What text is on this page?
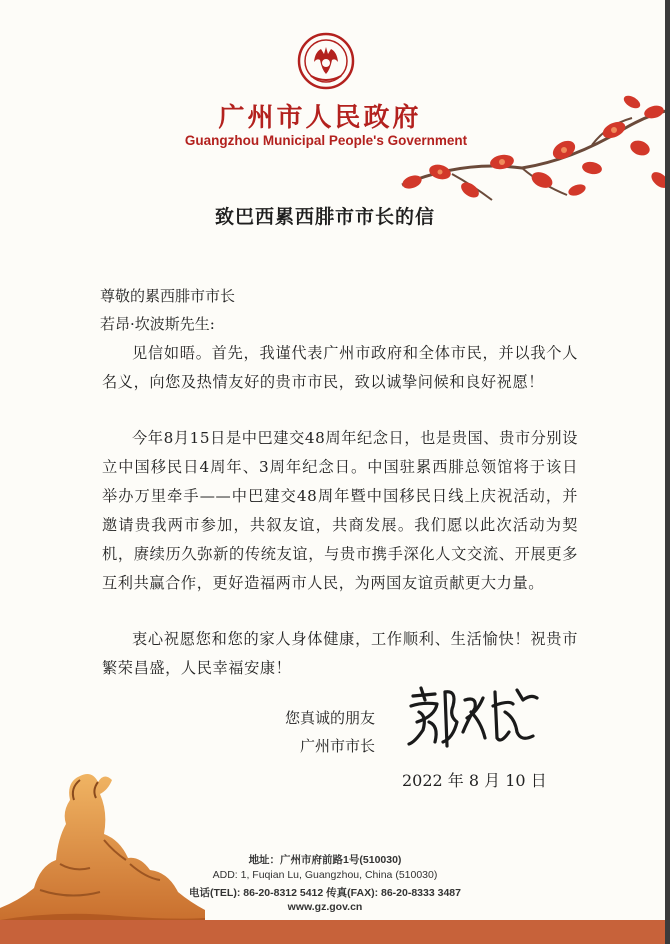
广州市人民政府
Guangzhou Municipal People's Government
致巴西累西腓市市长的信

尊敬的累西腓市市长

若昂·坎波斯先生:

见信如晤。首先，我谨代表广州市政府和全体市民，并以我个人名义，向您及热情友好的贵市市民，致以诚挚问候和良好祝愿！

今年8月15日是中巴建交48周年纪念日，也是贵国、贵市分别设立中国移民日4周年、3周年纪念日。中国驻累西腓总领馆将于该日举办万里牵手——中巴建交48周年暨中国移民日线上庆祝活动，并邀请贵我两市参加，共叙友谊，共商发展。我们愿以此次活动为契机，赓续历久弥新的传统友谊，与贵市携手深化人文交流、开展更多互利共赢合作，更好造福两市人民，为两国友谊贡献更大力量。

衷心祝愿您和您的家人身体健康，工作顺利、生活愉快！祝贵市繁荣昌盛，人民幸福安康！

您真诚的朋友
广州市市长
2022 年 8 月 10 日
地址：广州市府前路1号(510030)
ADD: 1, Fuqian Lu, Guangzhou, China (510030)
电话(TEL): 86-20-8312 5412 传真(FAX): 86-20-8333 3487
www.gz.gov.cn
